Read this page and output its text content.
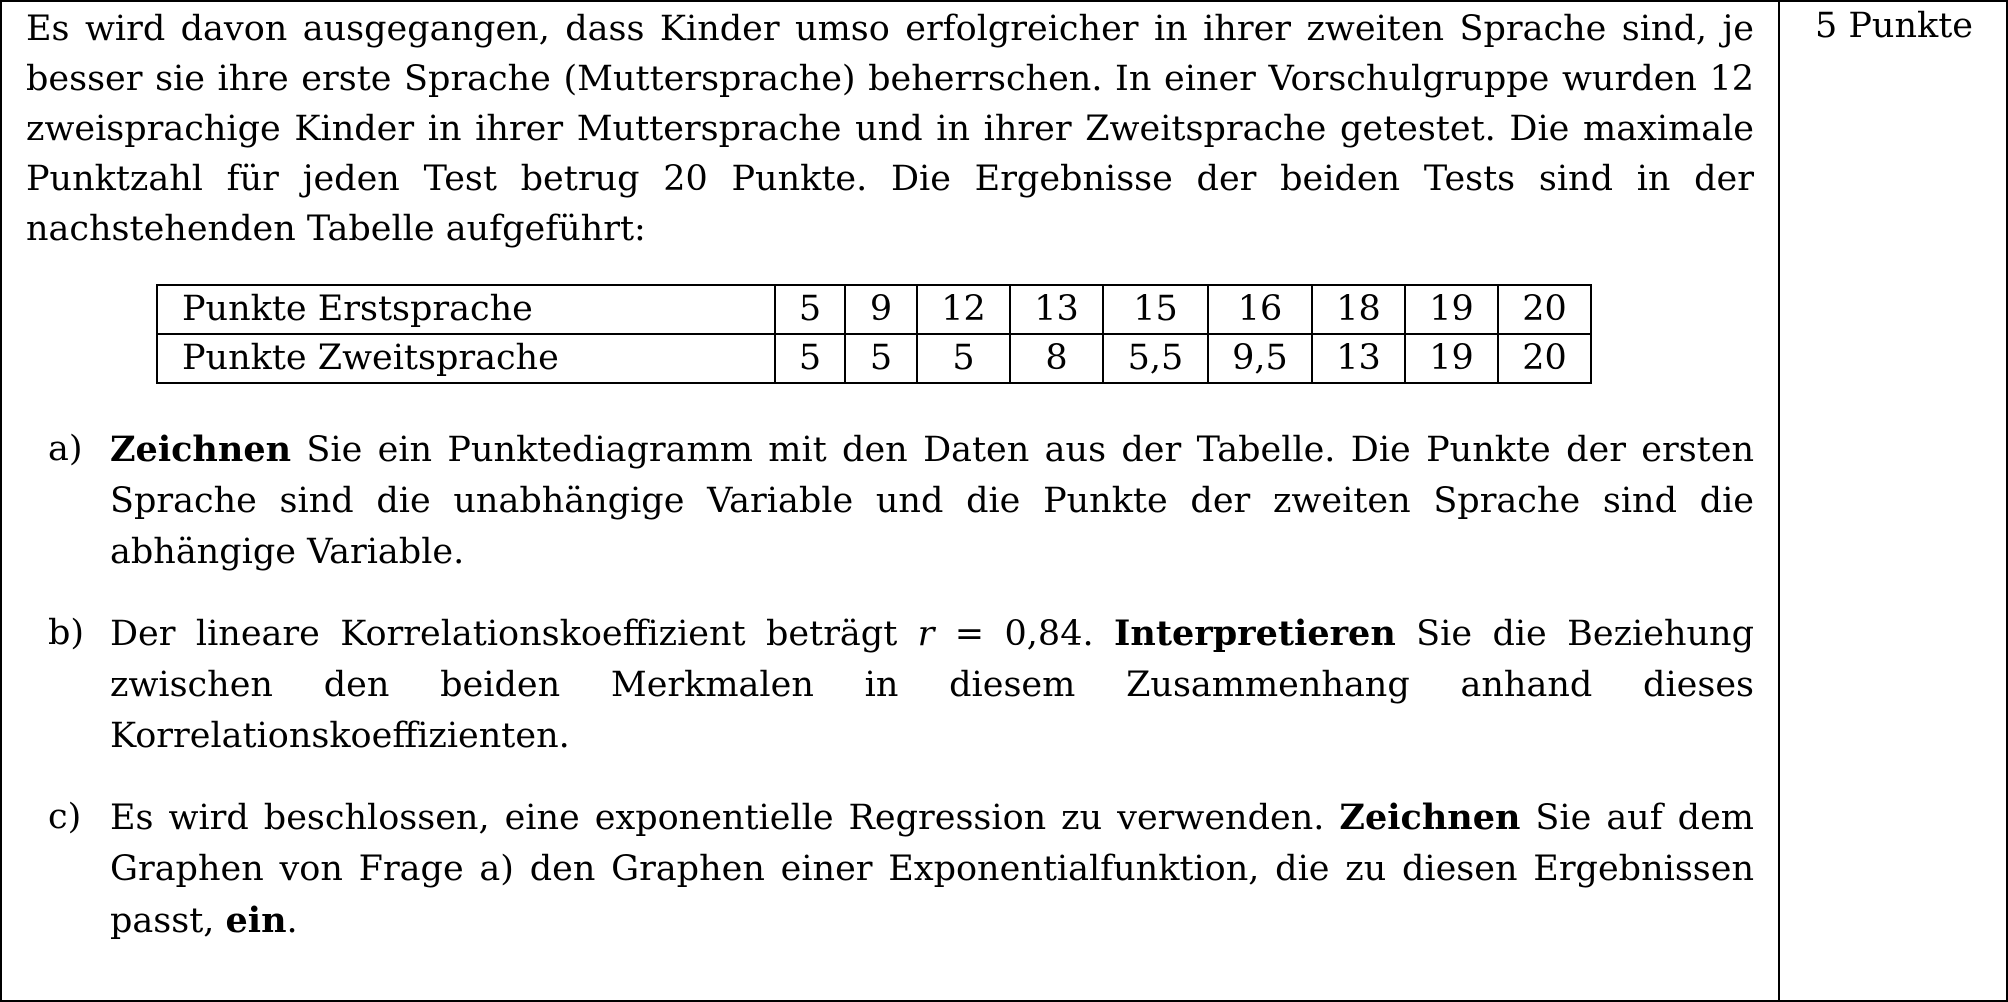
5 Punkte

Es wird davon ausgegangen, dass Kinder umso erfolgreicher in ihrer zweiten Sprache sind, je besser sie ihre erste Sprache (Muttersprache) beherrschen. In einer Vorschulgruppe wurden 12 zweisprachige Kinder in ihrer Muttersprache und in ihrer Zweitsprache getestet. Die maximale Punktzahl für jeden Test betrug 20 Punkte. Die Ergebnisse der beiden Tests sind in der nachstehenden Tabelle aufgeführt:

Punkte Erstsprache	5	9	12	13	15	16	18	19	20
Punkte Zweitsprache	5	5	5	8	5,5	9,5	13	19	20

a) Zeichnen Sie ein Punktediagramm mit den Daten aus der Tabelle. Die Punkte der ersten Sprache sind die unabhängige Variable und die Punkte der zweiten Sprache sind die abhängige Variable.

b) Der lineare Korrelationskoeffizient beträgt r = 0,84. Interpretieren Sie die Beziehung zwischen den beiden Merkmalen in diesem Zusammenhang anhand dieses Korrelationskoeffizienten.

c) Es wird beschlossen, eine exponentielle Regression zu verwenden. Zeichnen Sie auf dem Graphen von Frage a) den Graphen einer Exponentialfunktion, die zu diesen Ergebnissen passt, ein.
